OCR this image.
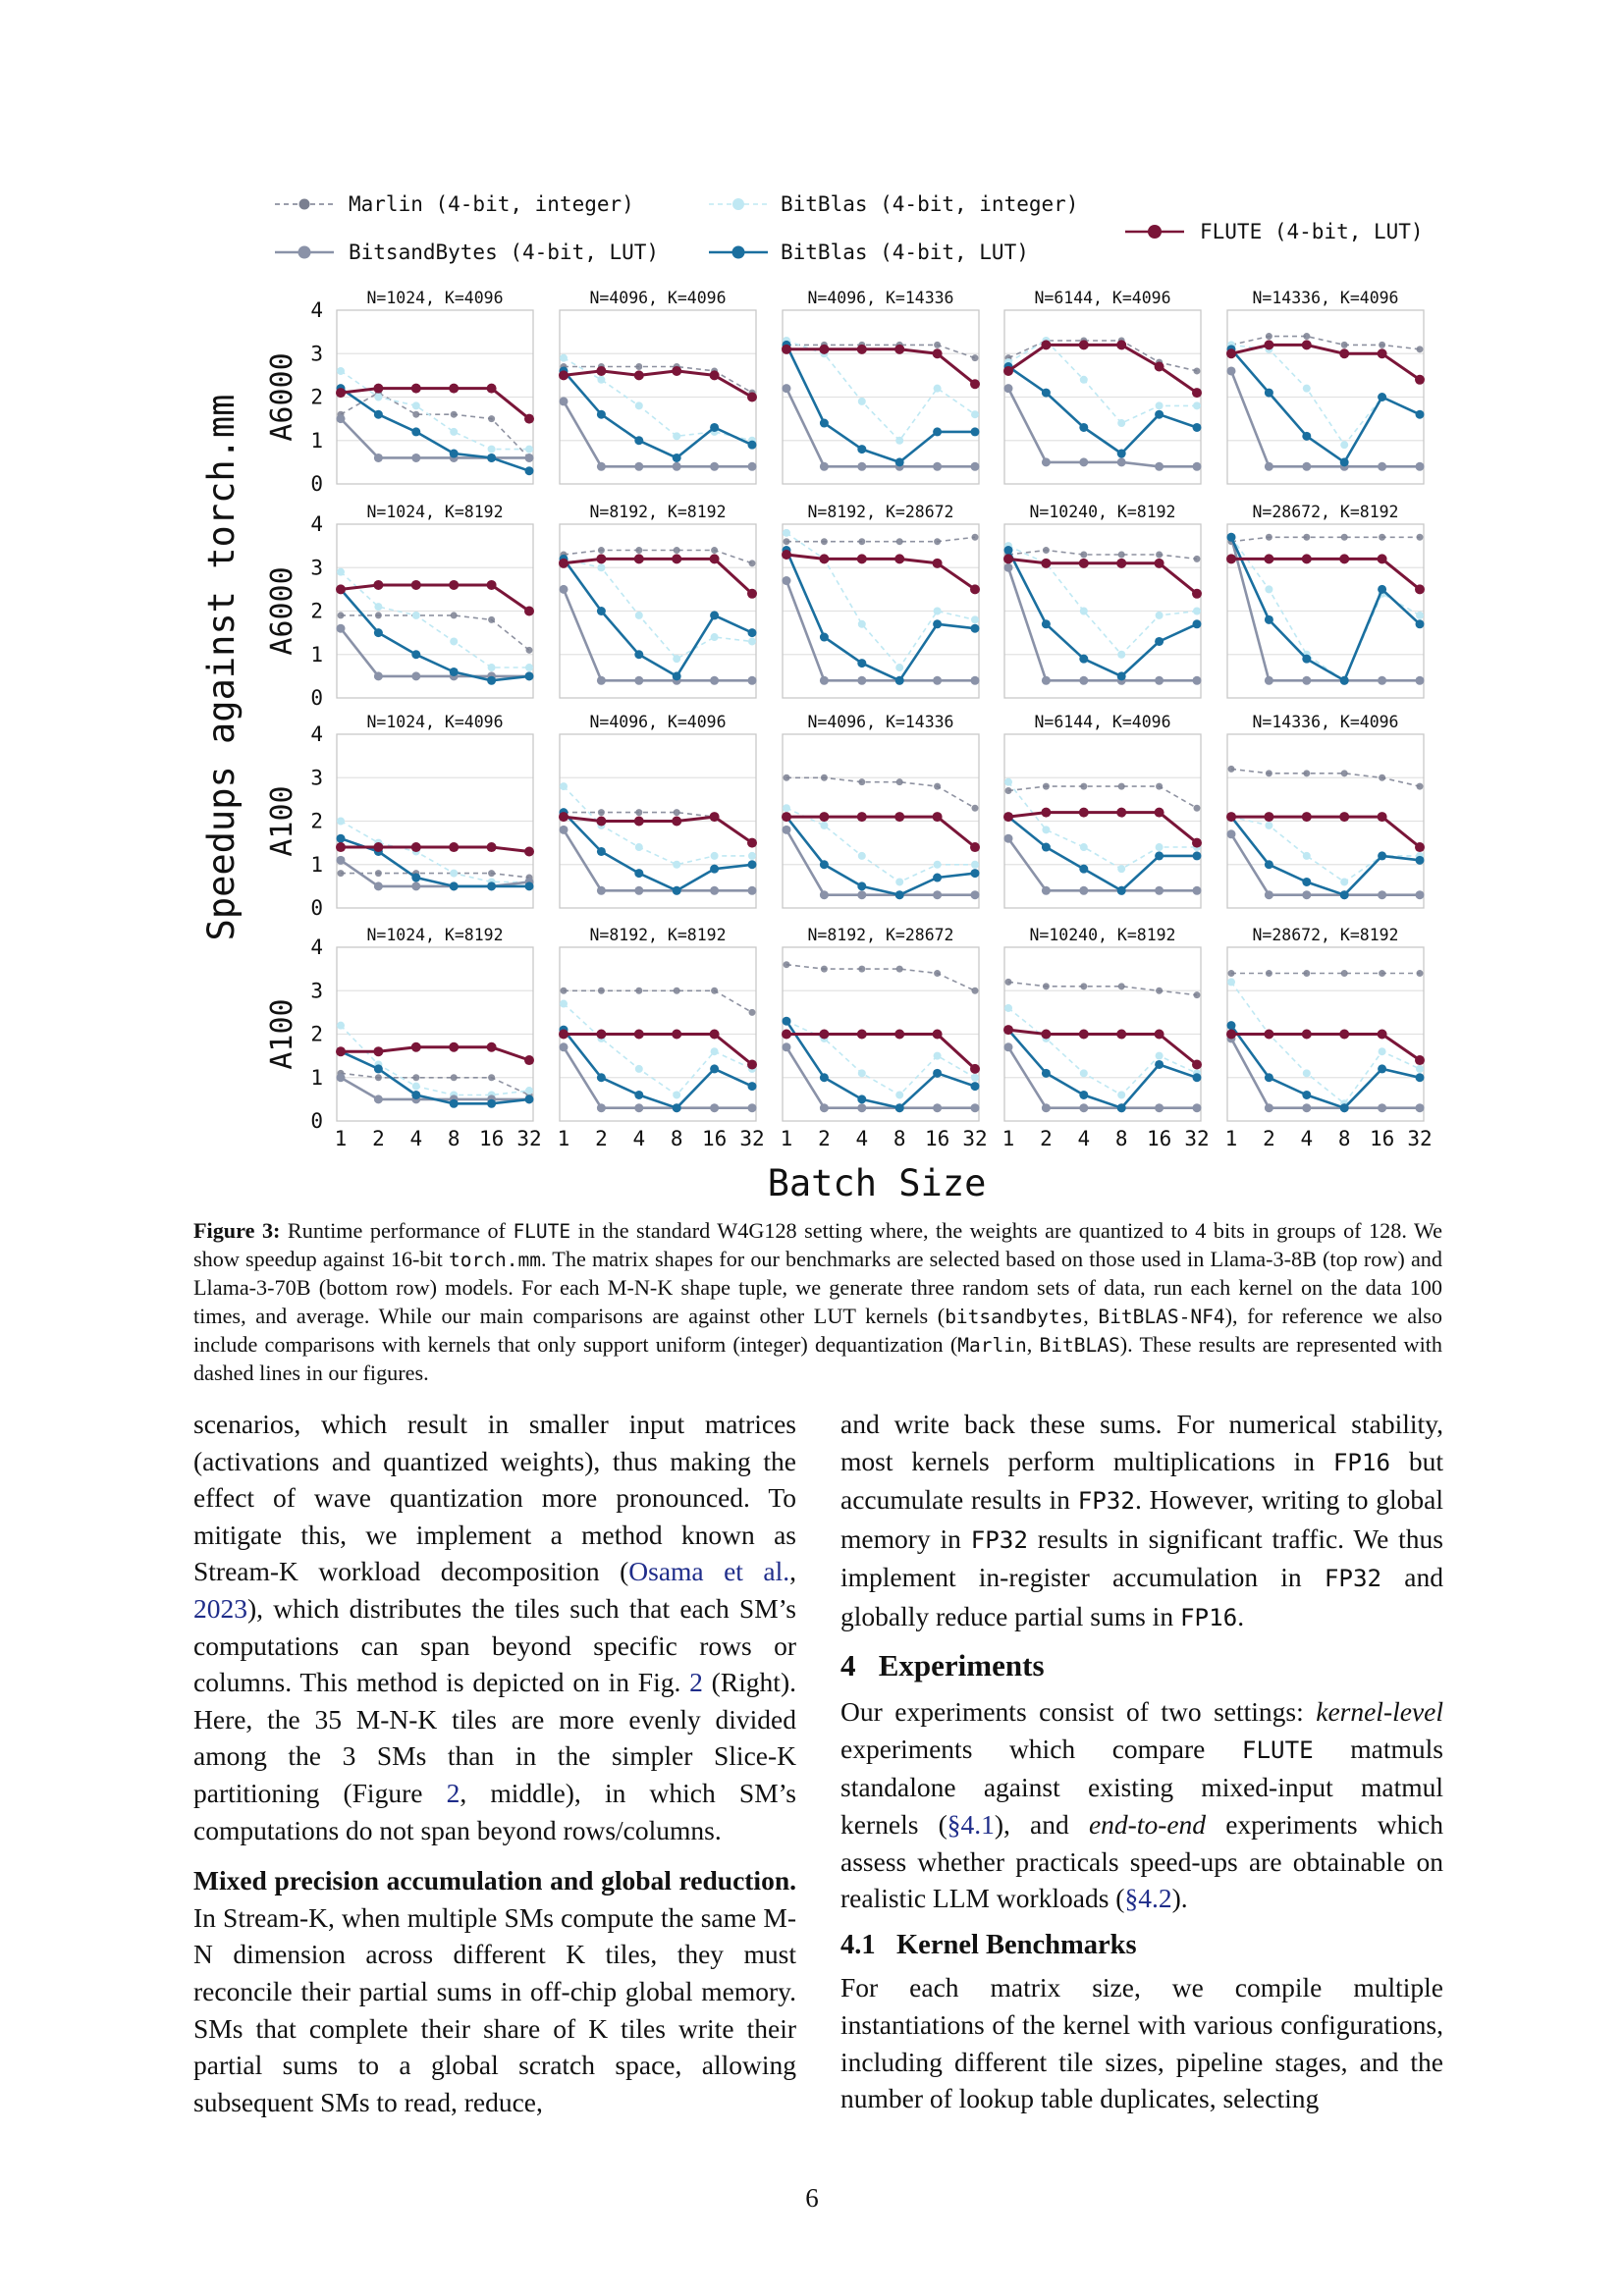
Marlin (4-bit, integer)	BitBlas (4-bit, integer)
BitsandBytes (4-bit, LUT)	BitBlas (4-bit, LUT)
FLUTE (4-bit, LUT)
N=1024, K=4096
0
1
2
3
4
A6000
N=4096, K=4096	N=4096, K=14336	N=6144, K=4096	N=14336, K=4096
N=1024, K=8192
0
1
2
3
4
A6000
N=8192, K=8192	N=8192, K=28672	N=10240, K=8192	N=28672, K=8192
N=1024, K=4096
0
1
2
3
4
A100
N=4096, K=4096	N=4096, K=14336	N=6144, K=4096	N=14336, K=4096
N=1024, K=8192
0
1
2
3
4
A100
1 2 4 8 16 32
N=8192, K=8192
1 2 4 8 16 32
N=8192, K=28672
1 2 4 8 16 32
N=10240, K=8192
1 2 4 8 16 32
N=28672, K=8192
1 2 4 8 16 32
Speedups against torch.mm
Batch Size
Figure 3: Runtime performance of FLUTE in the standard W4G128 setting where, the weights are quantized to 4 bits in groups of 128. We show speedup against 16-bit torch.mm. The matrix shapes for our benchmarks are selected based on those used in Llama-3-8B (top row) and Llama-3-70B (bottom row) models. For each M-N-K shape tuple, we generate three random sets of data, run each kernel on the data 100 times, and average. While our main comparisons are against other LUT kernels (bitsandbytes, BitBLAS-NF4), for reference we also include comparisons with kernels that only support uniform (integer) dequantization (Marlin, BitBLAS). These results are represented with dashed lines in our figures.

scenarios, which result in smaller input matrices (activations and quantized weights), thus making the effect of wave quantization more pronounced. To mitigate this, we implement a method known as Stream-K workload decomposition (Osama et al., 2023), which distributes the tiles such that each SM’s computations can span beyond specific rows or columns. This method is depicted on in Fig. 2 (Right). Here, the 35 M-N-K tiles are more evenly divided among the 3 SMs than in the simpler Slice-K partitioning (Figure 2, middle), in which SM’s computations do not span beyond rows/columns.

Mixed precision accumulation and global reduction. In Stream-K, when multiple SMs compute the same M-N dimension across different K tiles, they must reconcile their partial sums in off-chip global memory. SMs that complete their share of K tiles write their partial sums to a global scratch space, allowing subsequent SMs to read, reduce,

and write back these sums. For numerical stability, most kernels perform multiplications in FP16 but accumulate results in FP32. However, writing to global memory in FP32 results in significant traffic. We thus implement in-register accumulation in FP32 and globally reduce partial sums in FP16.

4 Experiments

Our experiments consist of two settings: kernel-level experiments which compare FLUTE matmuls standalone against existing mixed-input matmul kernels (§4.1), and end-to-end experiments which assess whether practicals speed-ups are obtainable on realistic LLM workloads (§4.2).

4.1 Kernel Benchmarks

For each matrix size, we compile multiple instantiations of the kernel with various configurations, including different tile sizes, pipeline stages, and the number of lookup table duplicates, selecting

6
